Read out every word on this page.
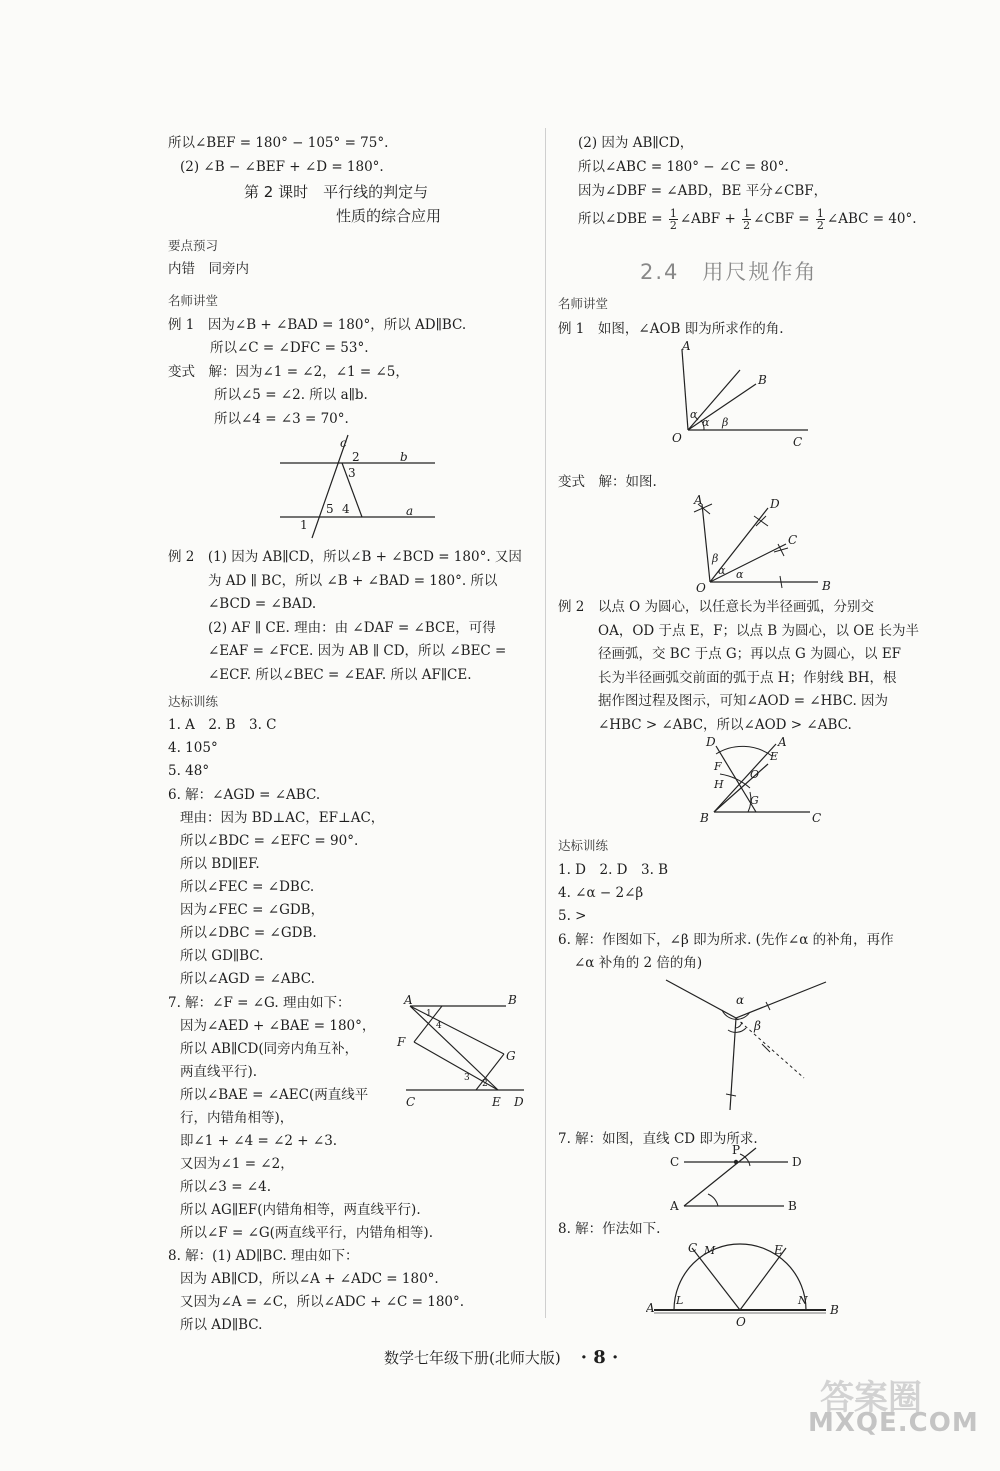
所以∠BEF = 180° − 105° = 75°.
(2) ∠B − ∠BEF + ∠D = 180°.
第 2 课时　平行线的判定与
性质的综合应用
要点预习
内错　同旁内
名师讲堂
例 1　因为∠B + ∠BAD = 180°，所以 AD∥BC.
所以∠C = ∠DFC = 53°.
变式　解：因为∠1 = ∠2，∠1 = ∠5，
所以∠5 = ∠2. 所以 a∥b.
所以∠4 = ∠3 = 70°.
c
2
3
b
5 4
1
a
例 2　(1) 因为 AB∥CD，所以∠B + ∠BCD = 180°. 又因
为 AD ∥ BC，所以 ∠B + ∠BAD = 180°. 所以
∠BCD = ∠BAD.
(2) AF ∥ CE. 理由：由 ∠DAF = ∠BCE，可得
∠EAF = ∠FCE. 因为 AB ∥ CD，所以 ∠BEC =
∠ECF. 所以∠BEC = ∠EAF. 所以 AF∥CE.
达标训练
1. A　2. B　3. C
4. 105°
5. 48°
6. 解：∠AGD = ∠ABC.
理由：因为 BD⊥AC，EF⊥AC，
所以∠BDC = ∠EFC = 90°.
所以 BD∥EF.
所以∠FEC = ∠DBC.
因为∠FEC = ∠GDB，
所以∠DBC = ∠GDB.
所以 GD∥BC.
所以∠AGD = ∠ABC.
7. 解：∠F = ∠G. 理由如下：
因为∠AED + ∠BAE = 180°，
所以 AB∥CD(同旁内角互补，
两直线平行).
所以∠BAE = ∠AEC(两直线平
行，内错角相等)，
即∠1 + ∠4 = ∠2 + ∠3.
又因为∠1 = ∠2，
所以∠3 = ∠4.
所以 AG∥EF(内错角相等，两直线平行).
所以∠F = ∠G(两直线平行，内错角相等).
A	B
F
G
C	E D
1
4
3
2
8. 解：(1) AD∥BC. 理由如下：
因为 AB∥CD，所以∠A + ∠ADC = 180°.
又因为∠A = ∠C，所以∠ADC + ∠C = 180°.
所以 AD∥BC.
(2) 因为 AB∥CD，
所以∠ABC = 180° − ∠C = 80°.
因为∠DBF = ∠ABD，BE 平分∠CBF，
所以∠DBE = $\frac{1}{2}$ ∠ABF + $\frac{1}{2}$ ∠CBF = $\frac{1}{2}$ ∠ABC = 40°.
2.4　用尺规作角
名师讲堂
例 1　如图，∠AOB 即为所求作的角.
A
B
C
O
α
α β
变式　解：如图.
A	D
C
B
O
β
α α
例 2　以点 O 为圆心，以任意长为半径画弧，分别交
OA，OD 于点 E，F；以点 B 为圆心，以 OE 长为半
径画弧，交 BC 于点 G；再以点 G 为圆心，以 EF
长为半径画弧交前面的弧于点 H；作射线 BH，根
据作图过程及图示，可知∠AOD = ∠HBC. 因为
∠HBC > ∠ABC，所以∠AOD > ∠ABC.
D	A
E
F
O
H
G
B	C
达标训练
1. D　2. D　3. B
4. ∠α − 2∠β
5. >
6. 解：作图如下，∠β 即为所求. (先作∠α 的补角，再作
∠α 补角的 2 倍的角)
α
β
7. 解：如图，直线 CD 即为所求.
C
P
D
A	B
8. 解：作法如下.
C M	E
A
L	N
B
O
数学七年级下册(北师大版) · 8 ·
答案圈
MXQE.COM
